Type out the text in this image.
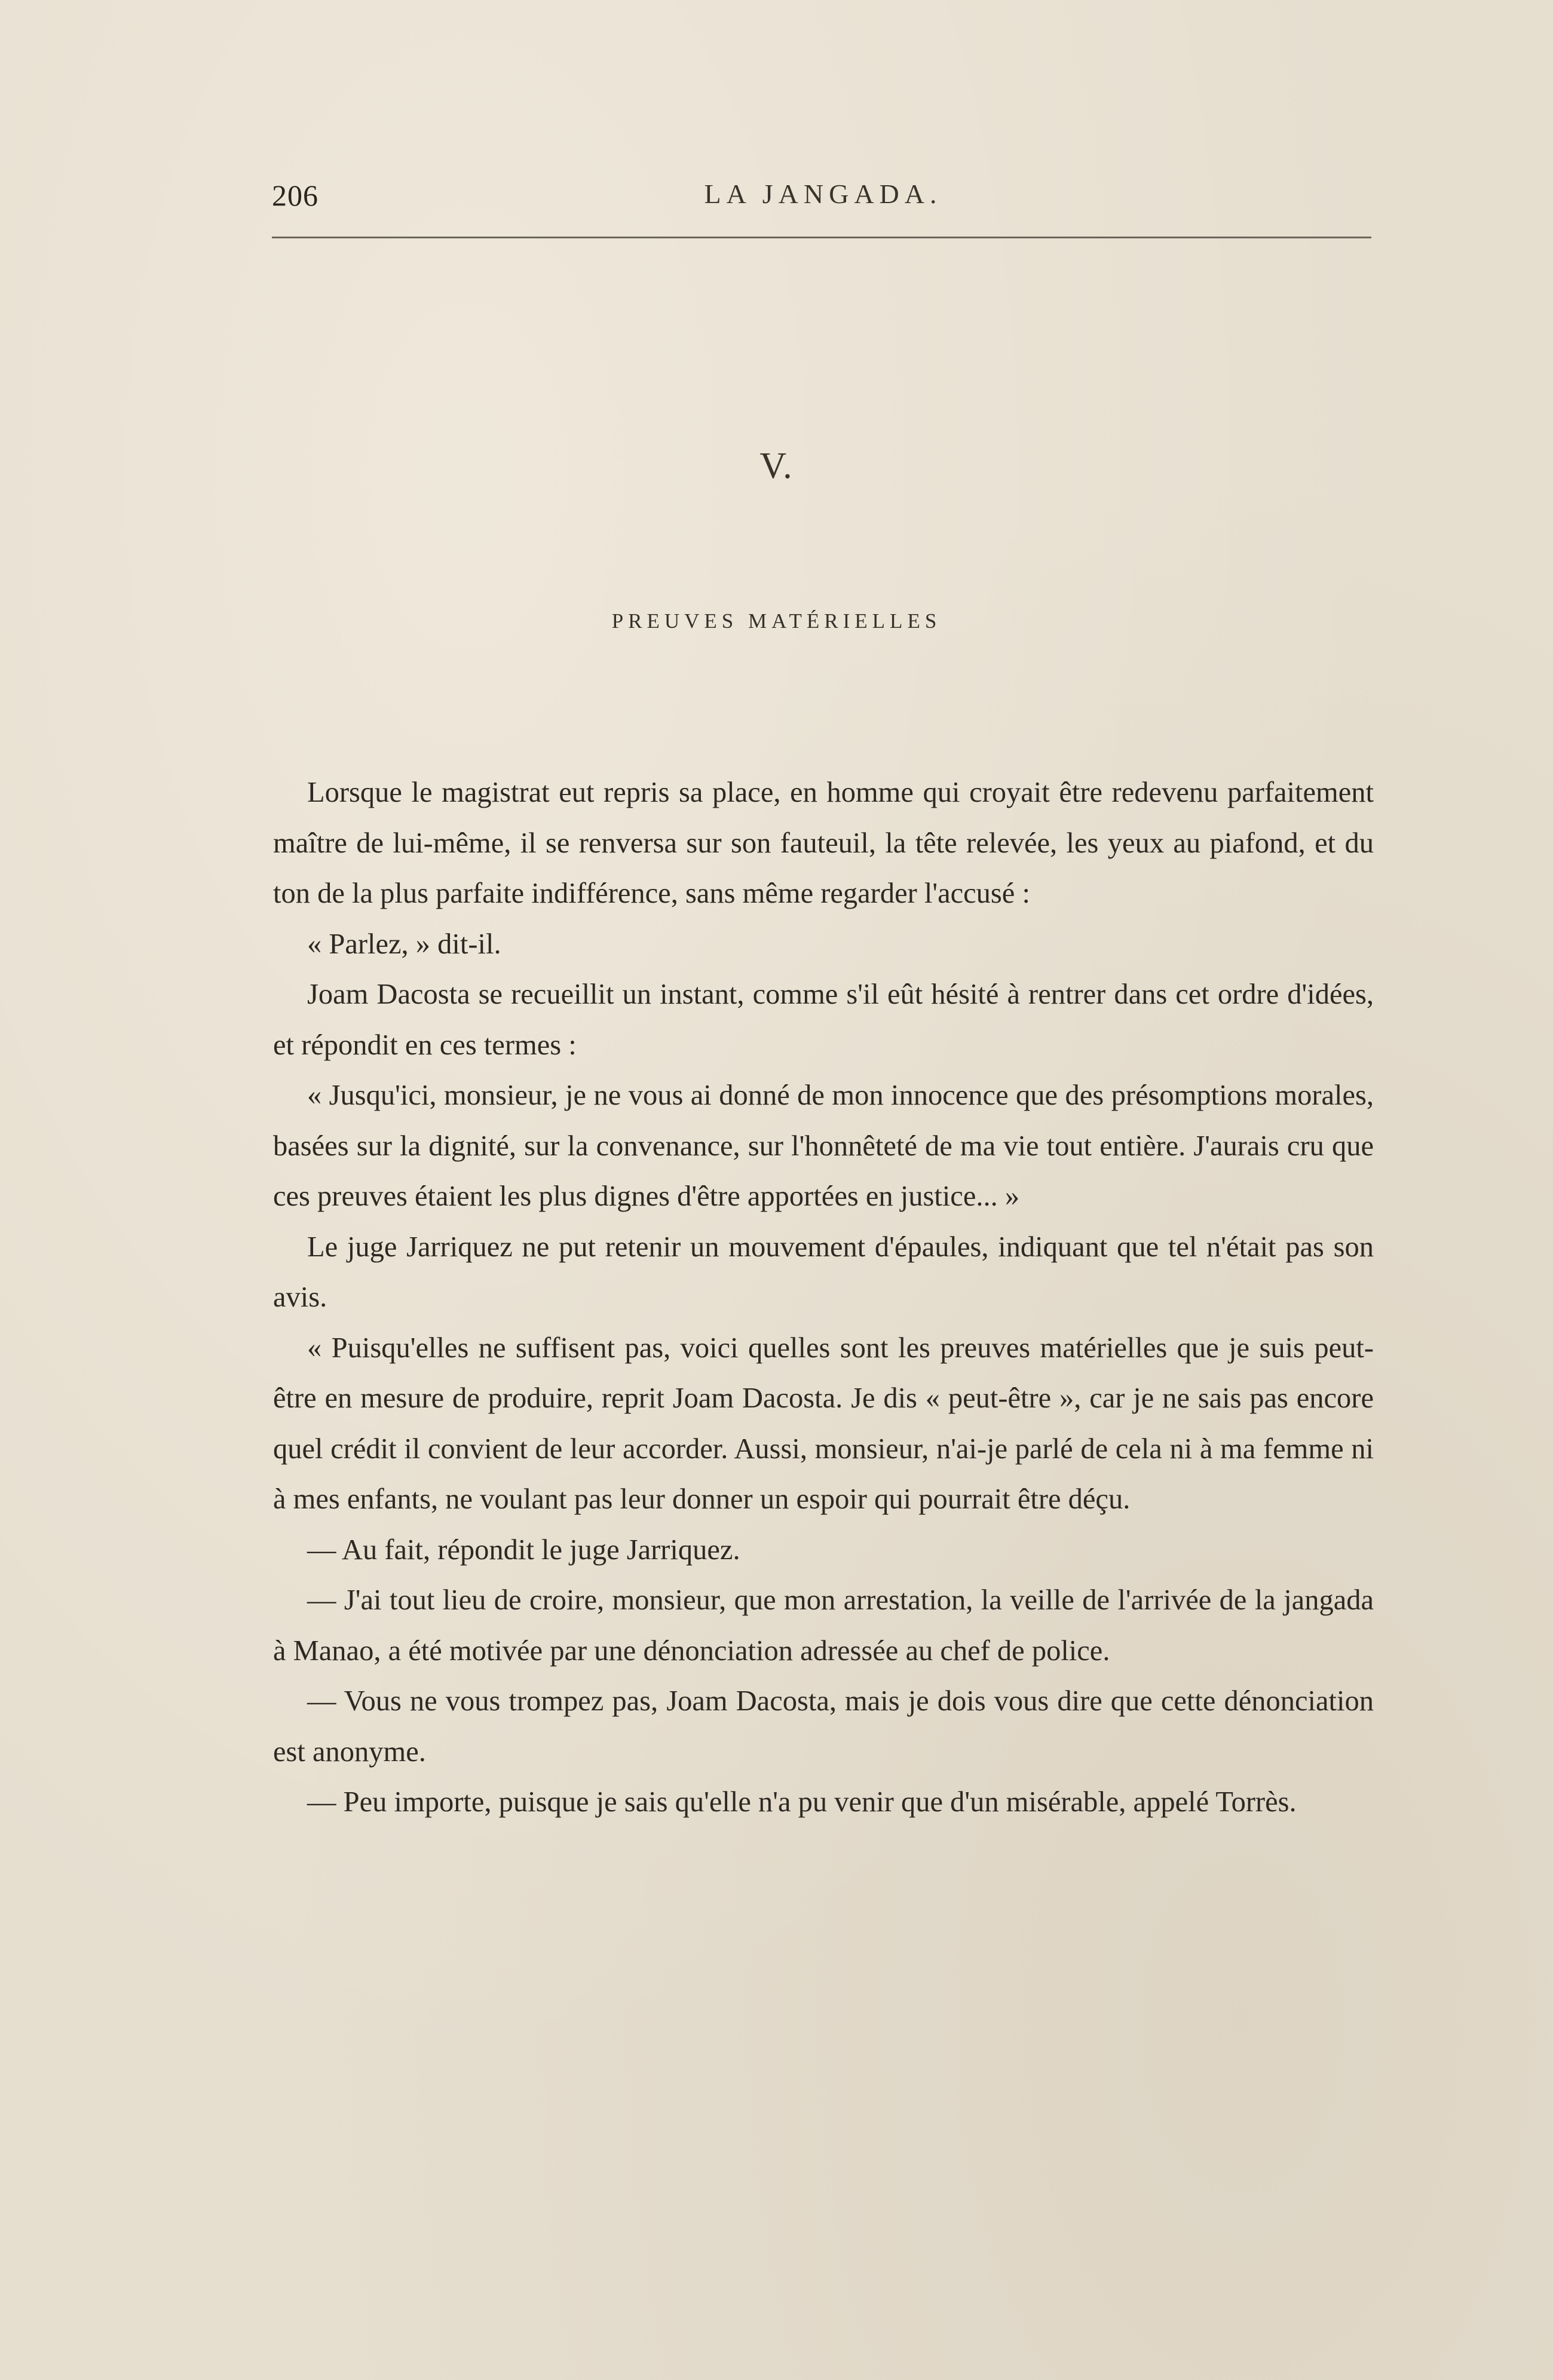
206	LA JANGADA.
V.
PREUVES MATÉRIELLES

Lorsque le magistrat eut repris sa place, en homme qui croyait être redevenu parfaitement maître de lui-même, il se renversa sur son fauteuil, la tête relevée, les yeux au piafond, et du ton de la plus parfaite indifférence, sans même regarder l'accusé :

« Parlez, » dit-il.

Joam Dacosta se recueillit un instant, comme s'il eût hésité à rentrer dans cet ordre d'idées, et répondit en ces termes :

« Jusqu'ici, monsieur, je ne vous ai donné de mon innocence que des présomptions morales, basées sur la dignité, sur la convenance, sur l'honnêteté de ma vie tout entière. J'aurais cru que ces preuves étaient les plus dignes d'être apportées en justice... »

Le juge Jarriquez ne put retenir un mouvement d'épaules, indiquant que tel n'était pas son avis.

« Puisqu'elles ne suffisent pas, voici quelles sont les preuves matérielles que je suis peut-être en mesure de produire, reprit Joam Dacosta. Je dis « peut-être », car je ne sais pas encore quel crédit il convient de leur accorder. Aussi, monsieur, n'ai-je parlé de cela ni à ma femme ni à mes enfants, ne voulant pas leur donner un espoir qui pourrait être déçu.

— Au fait, répondit le juge Jarriquez.

— J'ai tout lieu de croire, monsieur, que mon arrestation, la veille de l'arrivée de la jangada à Manao, a été motivée par une dénonciation adressée au chef de police.

— Vous ne vous trompez pas, Joam Dacosta, mais je dois vous dire que cette dénonciation est anonyme.

— Peu importe, puisque je sais qu'elle n'a pu venir que d'un misérable, appelé Torrès.
